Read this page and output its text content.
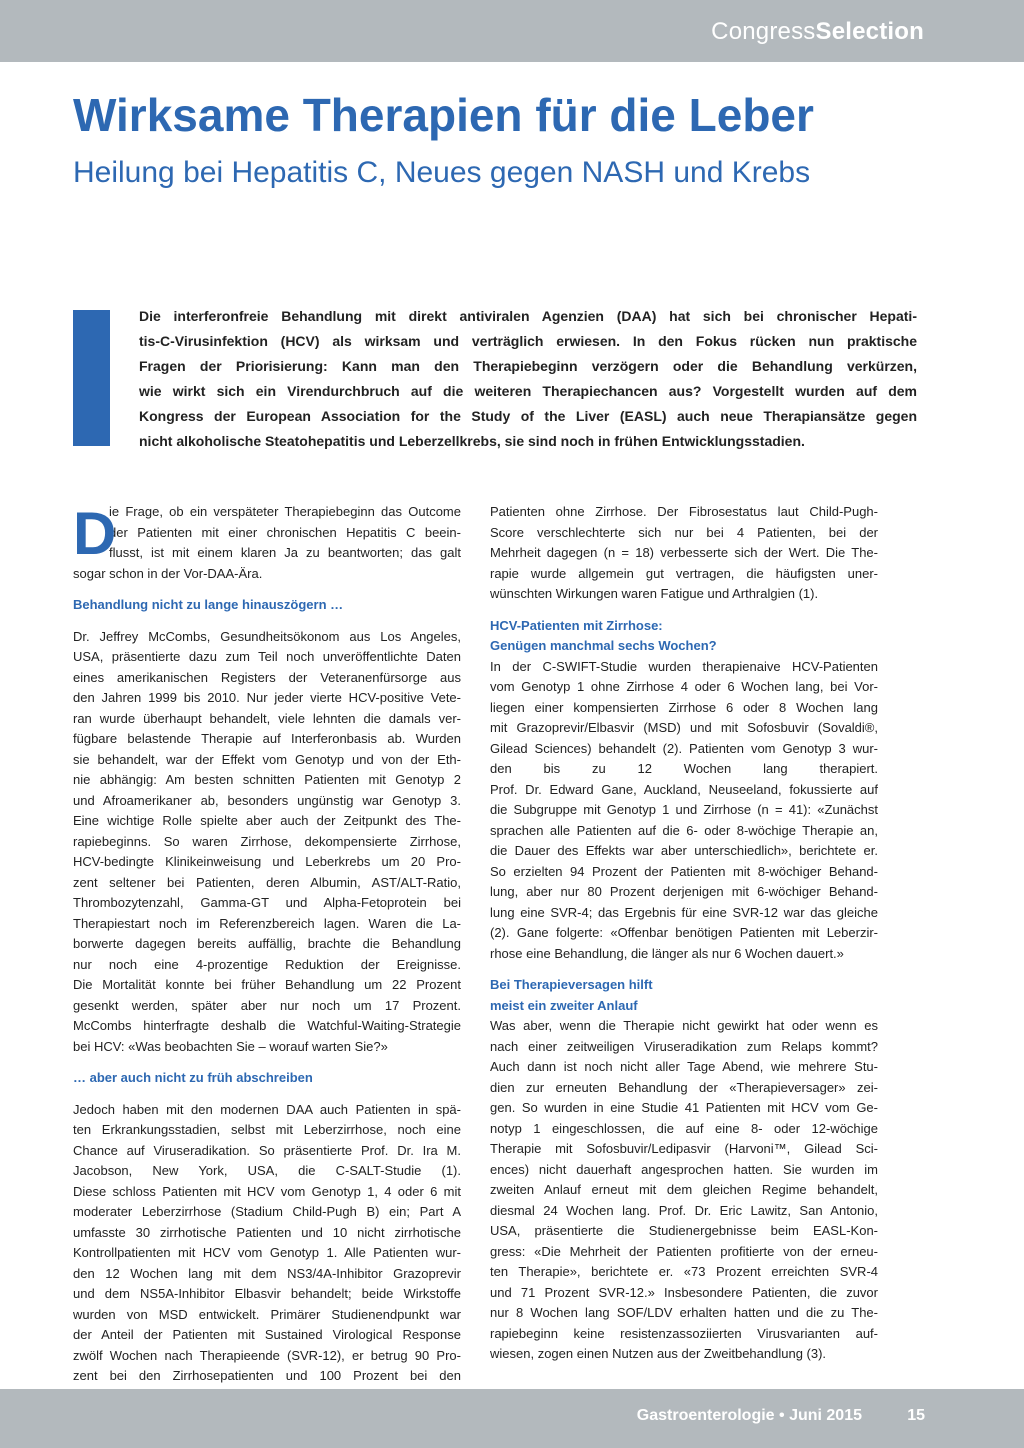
CongressSelection
Wirksame Therapien für die Leber
Heilung bei Hepatitis C, Neues gegen NASH und Krebs
Die interferonfreie Behandlung mit direkt antiviralen Agenzien (DAA) hat sich bei chronischer Hepati-
tis-C-Virusinfektion (HCV) als wirksam und verträglich erwiesen. In den Fokus rücken nun praktische
Fragen der Priorisierung: Kann man den Therapiebeginn verzögern oder die Behandlung verkürzen,
wie wirkt sich ein Virendurchbruch auf die weiteren Therapiechancen aus? Vorgestellt wurden auf dem
Kongress der European Association for the Study of the Liver (EASL) auch neue Therapiansätze gegen
nicht alkoholische Steatohepatitis und Leberzellkrebs, sie sind noch in frühen Entwicklungsstadien.
D
ie Frage, ob ein verspäteter Therapiebeginn das Outcome
der Patienten mit einer chronischen Hepatitis C beein-
flusst, ist mit einem klaren Ja zu beantworten; das galt
sogar schon in der Vor-DAA-Ära.
Behandlung nicht zu lange hinauszögern …
Dr. Jeffrey McCombs, Gesundheitsökonom aus Los Angeles,
USA, präsentierte dazu zum Teil noch unveröffentlichte Daten
eines amerikanischen Registers der Veteranenfürsorge aus
den Jahren 1999 bis 2010. Nur jeder vierte HCV-positive Vete-
ran wurde überhaupt behandelt, viele lehnten die damals ver-
fügbare belastende Therapie auf Interferonbasis ab. Wurden
sie behandelt, war der Effekt vom Genotyp und von der Eth-
nie abhängig: Am besten schnitten Patienten mit Genotyp 2
und Afroamerikaner ab, besonders ungünstig war Genotyp 3.
Eine wichtige Rolle spielte aber auch der Zeitpunkt des The-
rapiebeginns. So waren Zirrhose, dekompensierte Zirrhose,
HCV-bedingte Klinikeinweisung und Leberkrebs um 20 Pro-
zent seltener bei Patienten, deren Albumin, AST/ALT-Ratio,
Thrombozytenzahl, Gamma-GT und Alpha-Fetoprotein bei
Therapiestart noch im Referenzbereich lagen. Waren die La-
borwerte dagegen bereits auffällig, brachte die Behandlung
nur noch eine 4-prozentige Reduktion der Ereignisse.
Die Mortalität konnte bei früher Behandlung um 22 Prozent
gesenkt werden, später aber nur noch um 17 Prozent.
McCombs hinterfragte deshalb die Watchful-Waiting-Strategie
bei HCV: «Was beobachten Sie – worauf warten Sie?»
… aber auch nicht zu früh abschreiben
Jedoch haben mit den modernen DAA auch Patienten in spä-
ten Erkrankungsstadien, selbst mit Leberzirrhose, noch eine
Chance auf Viruseradikation. So präsentierte Prof. Dr. Ira M.
Jacobson, New York, USA, die C-SALT-Studie (1).
Diese schloss Patienten mit HCV vom Genotyp 1, 4 oder 6 mit
moderater Leberzirrhose (Stadium Child-Pugh B) ein; Part A
umfasste 30 zirrhotische Patienten und 10 nicht zirrhotische
Kontrollpatienten mit HCV vom Genotyp 1. Alle Patienten wur-
den 12 Wochen lang mit dem NS3/4A-Inhibitor Grazoprevir
und dem NS5A-Inhibitor Elbasvir behandelt; beide Wirkstoffe
wurden von MSD entwickelt. Primärer Studienendpunkt war
der Anteil der Patienten mit Sustained Virological Response
zwölf Wochen nach Therapieende (SVR-12), er betrug 90 Pro-
zent bei den Zirrhosepatienten und 100 Prozent bei den
Patienten ohne Zirrhose. Der Fibrosestatus laut Child-Pugh-
Score verschlechterte sich nur bei 4 Patienten, bei der
Mehrheit dagegen (n = 18) verbesserte sich der Wert. Die The-
rapie wurde allgemein gut vertragen, die häufigsten uner-
wünschten Wirkungen waren Fatigue und Arthralgien (1).
HCV-Patienten mit Zirrhose:
Genügen manchmal sechs Wochen?
In der C-SWIFT-Studie wurden therapienaive HCV-Patienten
vom Genotyp 1 ohne Zirrhose 4 oder 6 Wochen lang, bei Vor-
liegen einer kompensierten Zirrhose 6 oder 8 Wochen lang
mit Grazoprevir/Elbasvir (MSD) und mit Sofosbuvir (Sovaldi®,
Gilead Sciences) behandelt (2). Patienten vom Genotyp 3 wur-
den bis zu 12 Wochen lang therapiert.
Prof. Dr. Edward Gane, Auckland, Neuseeland, fokussierte auf
die Subgruppe mit Genotyp 1 und Zirrhose (n = 41): «Zunächst
sprachen alle Patienten auf die 6- oder 8-wöchige Therapie an,
die Dauer des Effekts war aber unterschiedlich», berichtete er.
So erzielten 94 Prozent der Patienten mit 8-wöchiger Behand-
lung, aber nur 80 Prozent derjenigen mit 6-wöchiger Behand-
lung eine SVR-4; das Ergebnis für eine SVR-12 war das gleiche
(2). Gane folgerte: «Offenbar benötigen Patienten mit Leberzir-
rhose eine Behandlung, die länger als nur 6 Wochen dauert.»
Bei Therapieversagen hilft
meist ein zweiter Anlauf
Was aber, wenn die Therapie nicht gewirkt hat oder wenn es
nach einer zeitweiligen Viruseradikation zum Relaps kommt?
Auch dann ist noch nicht aller Tage Abend, wie mehrere Stu-
dien zur erneuten Behandlung der «Therapieversager» zei-
gen. So wurden in eine Studie 41 Patienten mit HCV vom Ge-
notyp 1 eingeschlossen, die auf eine 8- oder 12-wöchige
Therapie mit Sofosbuvir/Ledipasvir (Harvoni™, Gilead Sci-
ences) nicht dauerhaft angesprochen hatten. Sie wurden im
zweiten Anlauf erneut mit dem gleichen Regime behandelt,
diesmal 24 Wochen lang. Prof. Dr. Eric Lawitz, San Antonio,
USA, präsentierte die Studienergebnisse beim EASL-Kon-
gress: «Die Mehrheit der Patienten profitierte von der erneu-
ten Therapie», berichtete er. «73 Prozent erreichten SVR-4
und 71 Prozent SVR-12.» Insbesondere Patienten, die zuvor
nur 8 Wochen lang SOF/LDV erhalten hatten und die zu The-
rapiebeginn keine resistenzassoziierten Virusvarianten auf-
wiesen, zogen einen Nutzen aus der Zweitbehandlung (3).
Gastroenterologie • Juni 2015	15
